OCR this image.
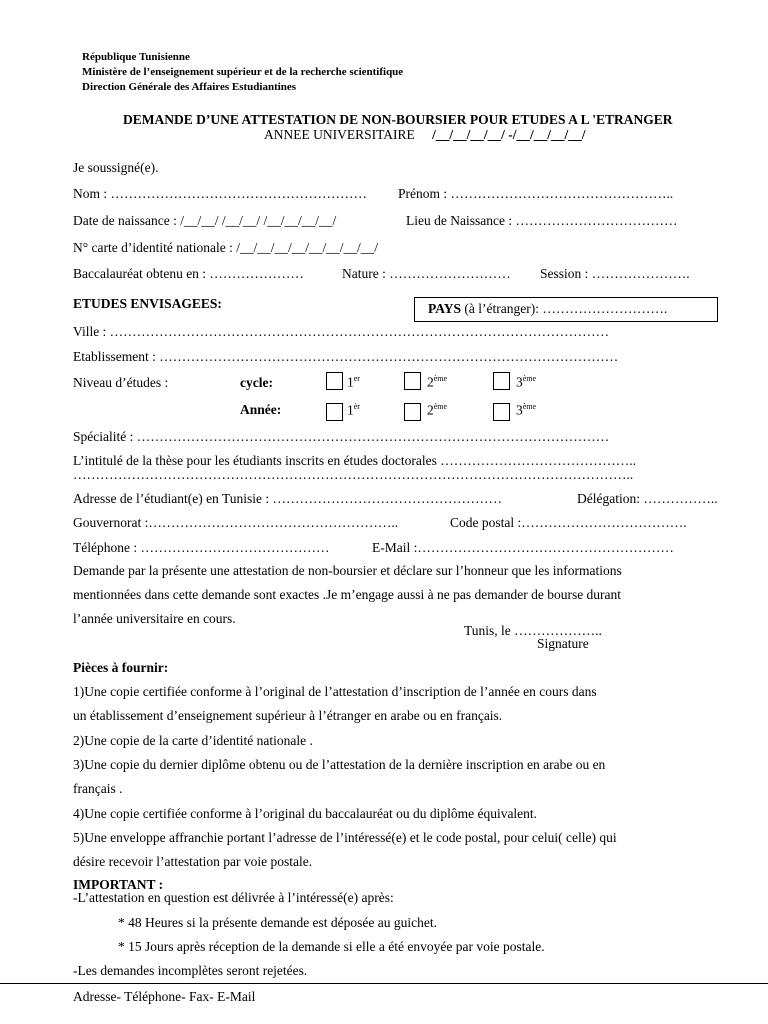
République Tunisienne
Ministère de l’enseignement supérieur et de la recherche scientifique
Direction Générale des Affaires Estudiantines
DEMANDE D’UNE ATTESTATION DE NON-BOURSIER POUR ETUDES A L 'ETRANGER
ANNEE UNIVERSITAIRE /__/__/__/__/ -/__/__/__/__/
Je soussigné(e).
Nom : ………………………………………………… Prénom : …………………………………………..
Date de naissance : /__/__/ /__/__/ /__/__/__/__/	Lieu de Naissance : ………………………………
N° carte d’identité nationale : /__/__/__/__/__/__/__/__/
Baccalauréat obtenu en : …………………	Nature : ……………………… Session : ………………….
ETUDES ENVISAGEES:	PAYS (à l’étranger): ……………………….
Ville : …………………………………………………………………………………………………
Etablissement : …………………………………………………………………………………………
Niveau d’études :	cycle:	1er	2ème	3ème
Année:	$1^{èr}$	2ème	3ème
Spécialité : ……………………………………………………………………………………………
L’intitulé de la thèse pour les étudiants inscrits en études doctorales ……………………………………..
……………………………………………………………………………………………………………..
Adresse de l’étudiant(e) en Tunisie : ……………………………………………	Délégation: ……………..
Gouvernorat :………………………………………………..	Code postal :……………………………….
Téléphone : ……………………………………	E-Mail :…………………………………………………
Demande par la présente une attestation de non-boursier et déclare sur l’honneur que les informations
mentionnées dans cette demande sont exactes .Je m’engage aussi à ne pas demander de bourse durant
l’année universitaire en cours.
Tunis, le ………………..
Signature
Pièces à fournir:
1)Une copie certifiée conforme à l’original de l’attestation d’inscription de l’année en cours dans
un établissement d’enseignement supérieur à l’étranger en arabe ou en français.
2)Une copie de la carte d’identité nationale .
3)Une copie du dernier diplôme obtenu ou de l’attestation de la dernière inscription en arabe ou en
français .
4)Une copie certifiée conforme à l’original du baccalauréat ou du diplôme équivalent.
5)Une enveloppe affranchie portant l’adresse de l’intéressé(e) et le code postal, pour celui( celle) qui
désire recevoir l’attestation par voie postale.
IMPORTANT :
-L’attestation en question est délivrée à l’intéressé(e) après:
* 48 Heures si la présente demande est déposée au guichet.
* 15 Jours après réception de la demande si elle a été envoyée par voie postale.
-Les demandes incomplètes seront rejetées.
Adresse- Téléphone- Fax- E-Mail
